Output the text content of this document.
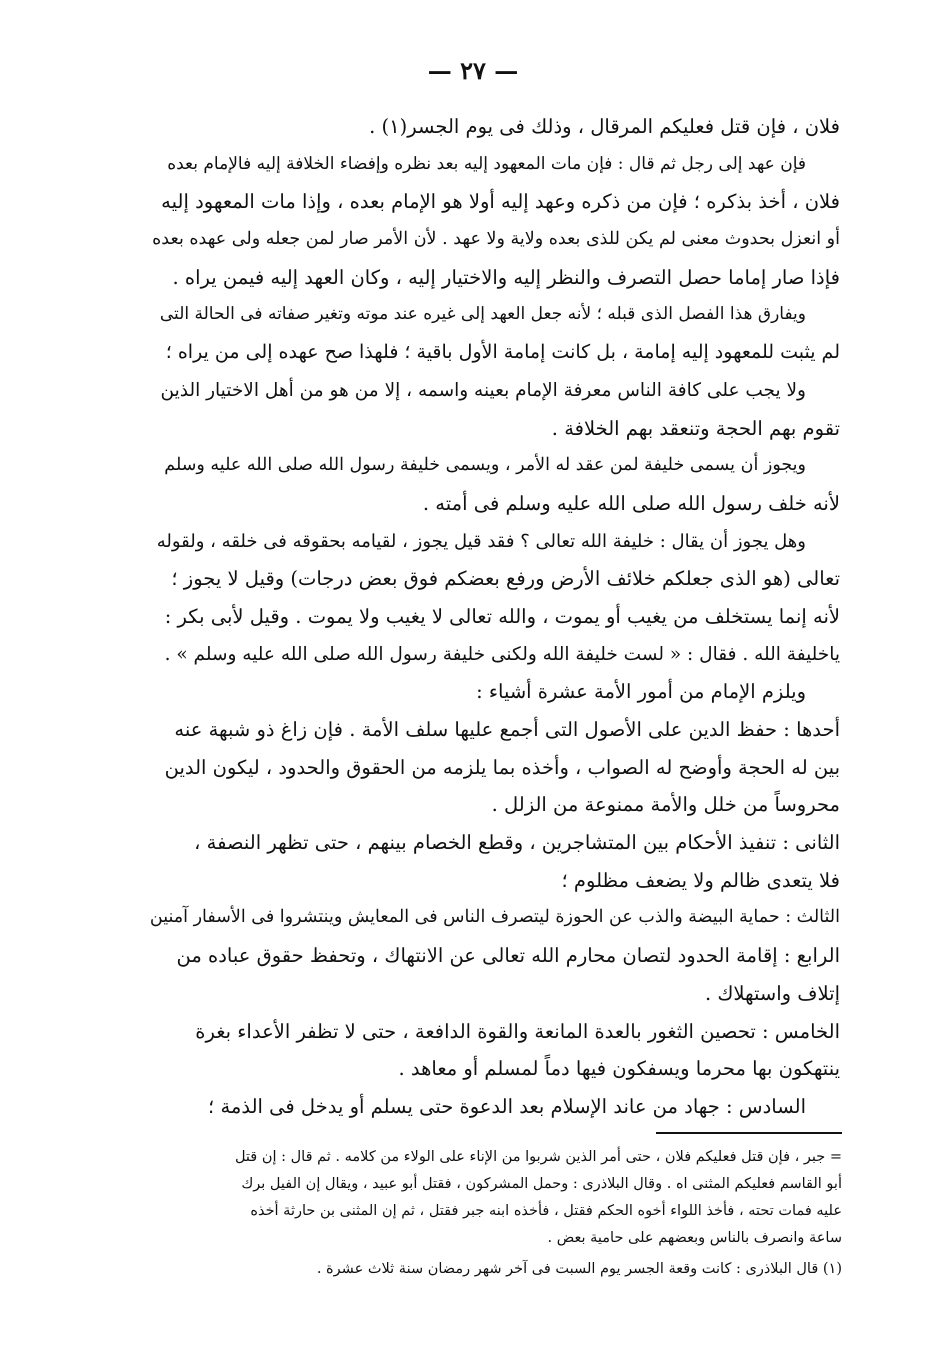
— ٢٧ —
فلان ، فإن قتل فعليكم المرقال ، وذلك فى يوم الجسر(١) .
فإن عهد إلى رجل ثم قال : فإن مات المعهود إليه بعد نظره وإفضاء الخلافة إليه فالإمام بعده
فلان ، أخذ بذكره ؛ فإن من ذكره وعهد إليه أولا هو الإمام بعده ، وإذا مات المعهود إليه
أو انعزل بحدوث معنى لم يكن للذى بعده ولاية ولا عهد . لأن الأمر صار لمن جعله ولى عهده بعده
فإذا صار إماما حصل التصرف والنظر إليه والاختيار إليه ، وكان العهد إليه فيمن يراه .
ويفارق هذا الفصل الذى قبله ؛ لأنه جعل العهد إلى غيره عند موته وتغير صفاته فى الحالة التى
لم يثبت للمعهود إليه إمامة ، بل كانت إمامة الأول باقية ؛ فلهذا صح عهده إلى من يراه ؛
ولا يجب على كافة الناس معرفة الإمام بعينه واسمه ، إلا من هو من أهل الاختيار الذين
تقوم بهم الحجة وتنعقد بهم الخلافة .
ويجوز أن يسمى خليفة لمن عقد له الأمر ، ويسمى خليفة رسول الله صلى الله عليه وسلم
لأنه خلف رسول الله صلى الله عليه وسلم فى أمته .
وهل يجوز أن يقال : خليفة الله تعالى ؟ فقد قيل يجوز ، لقيامه بحقوقه فى خلقه ، ولقوله
تعالى (هو الذى جعلكم خلائف الأرض ورفع بعضكم فوق بعض درجات) وقيل لا يجوز ؛
لأنه إنما يستخلف من يغيب أو يموت ، والله تعالى لا يغيب ولا يموت . وقيل لأبى بكر :
ياخليفة الله . فقال : « لست خليفة الله ولكنى خليفة رسول الله صلى الله عليه وسلم » .
ويلزم الإمام من أمور الأمة عشرة أشياء :
أحدها : حفظ الدين على الأصول التى أجمع عليها سلف الأمة . فإن زاغ ذو شبهة عنه
بين له الحجة وأوضح له الصواب ، وأخذه بما يلزمه من الحقوق والحدود ، ليكون الدين
محروساً من خلل والأمة ممنوعة من الزلل .
الثانى : تنفيذ الأحكام بين المتشاجرين ، وقطع الخصام بينهم ، حتى تظهر النصفة ،
فلا يتعدى ظالم ولا يضعف مظلوم ؛
الثالث : حماية البيضة والذب عن الحوزة ليتصرف الناس فى المعايش وينتشروا فى الأسفار آمنين
الرابع : إقامة الحدود لتصان محارم الله تعالى عن الانتهاك ، وتحفظ حقوق عباده من
إتلاف واستهلاك .
الخامس : تحصين الثغور بالعدة المانعة والقوة الدافعة ، حتى لا تظفر الأعداء بغرة
ينتهكون بها محرما ويسفكون فيها دماً لمسلم أو معاهد .
السادس : جهاد من عاند الإسلام بعد الدعوة حتى يسلم أو يدخل فى الذمة ؛
= جبر ، فإن قتل فعليكم فلان ، حتى أمر الذين شربوا من الإناء على الولاء من كلامه . ثم قال : إن قتل
أبو القاسم فعليكم المثنى اه . وقال البلاذرى : وحمل المشركون ، فقتل أبو عبيد ، ويقال إن الفيل برك
عليه فمات تحته ، فأخذ اللواء أخوه الحكم فقتل ، فأخذه ابنه جبر فقتل ، ثم إن المثنى بن حارثة أخذه
ساعة وانصرف بالناس وبعضهم على حامية بعض .
(١) قال البلاذرى : كانت وقعة الجسر يوم السبت فى آخر شهر رمضان سنة ثلاث عشرة .
